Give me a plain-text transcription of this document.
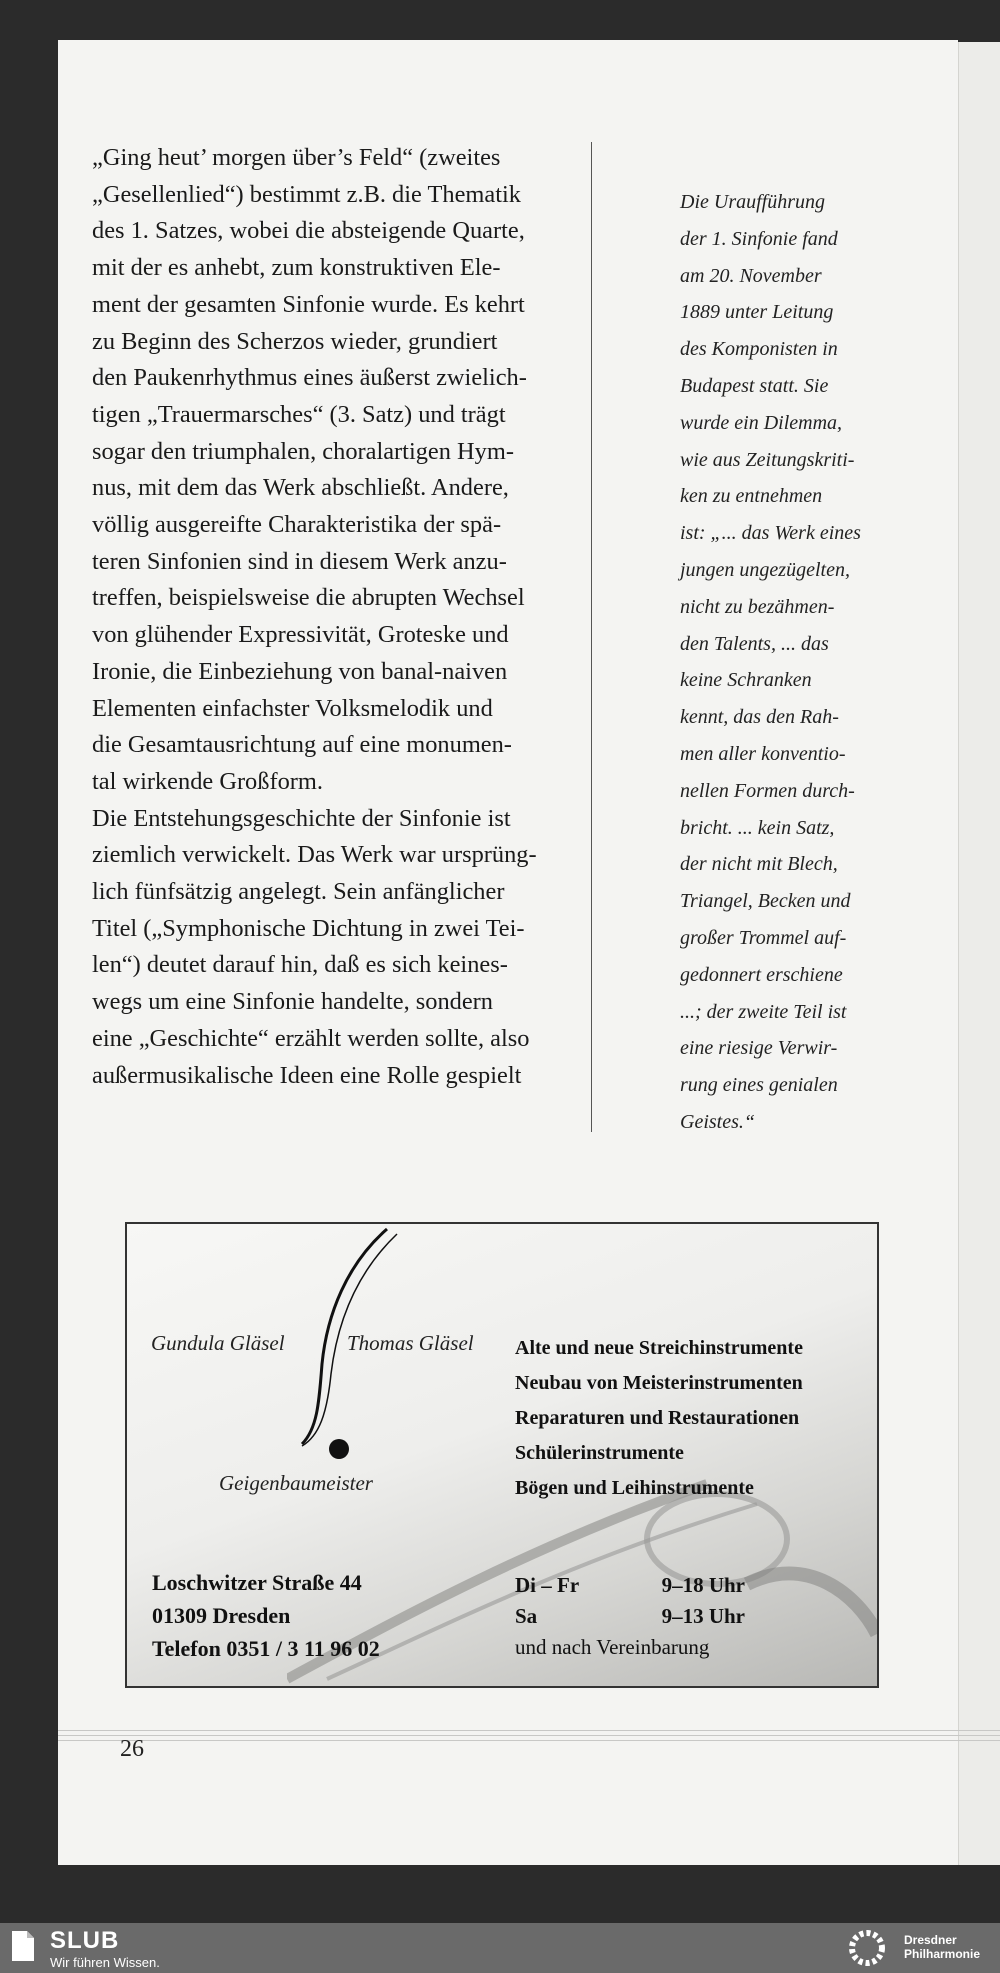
„Ging heut’ morgen über’s Feld“ (zweites

„Gesellenlied“) bestimmt z.B. die Thematik

des 1. Satzes, wobei die absteigende Quarte,

mit der es anhebt, zum konstruktiven Ele-

ment der gesamten Sinfonie wurde. Es kehrt

zu Beginn des Scherzos wieder, grundiert

den Paukenrhythmus eines äußerst zwielich-

tigen „Trauermarsches“ (3. Satz) und trägt

sogar den triumphalen, choralartigen Hym-

nus, mit dem das Werk abschließt. Andere,

völlig ausgereifte Charakteristika der spä-

teren Sinfonien sind in diesem Werk anzu-

treffen, beispielsweise die abrupten Wechsel

von glühender Expressivität, Groteske und

Ironie, die Einbeziehung von banal-naiven

Elementen einfachster Volksmelodik und

die Gesamtausrichtung auf eine monumen-

tal wirkende Großform.

Die Entstehungsgeschichte der Sinfonie ist

ziemlich verwickelt. Das Werk war ursprüng-

lich fünfsätzig angelegt. Sein anfänglicher

Titel („Symphonische Dichtung in zwei Tei-

len“) deutet darauf hin, daß es sich keines-

wegs um eine Sinfonie handelte, sondern

eine „Geschichte“ erzählt werden sollte, also

außermusikalische Ideen eine Rolle gespielt

Die Uraufführung
der 1. Sinfonie fand
am 20. November
1889 unter Leitung
des Komponisten in
Budapest statt. Sie
wurde ein Dilemma,
wie aus Zeitungskriti-
ken zu entnehmen
ist: „... das Werk eines
jungen ungezügelten,
nicht zu bezähmen-
den Talents, ... das
keine Schranken
kennt, das den Rah-
men aller konventio-
nellen Formen durch-
bricht. ... kein Satz,
der nicht mit Blech,
Triangel, Becken und
großer Trommel auf-
gedonnert erschiene
...; der zweite Teil ist
eine riesige Verwir-
rung eines genialen
Geistes.“
Gundula Gläsel	Thomas Gläsel
Geigenbaumeister
Alte und neue Streichinstrumente
Neubau von Meisterinstrumenten
Reparaturen und Restaurationen
Schülerinstrumente
Bögen und Leihinstrumente
Loschwitzer Straße 44
01309 Dresden
Telefon 0351 / 3 11 96 02
Di – Fr	9–18 Uhr
Sa	9–13 Uhr
und nach Vereinbarung
26
SLUB
Wir führen Wissen.
Dresdner
Philharmonie
